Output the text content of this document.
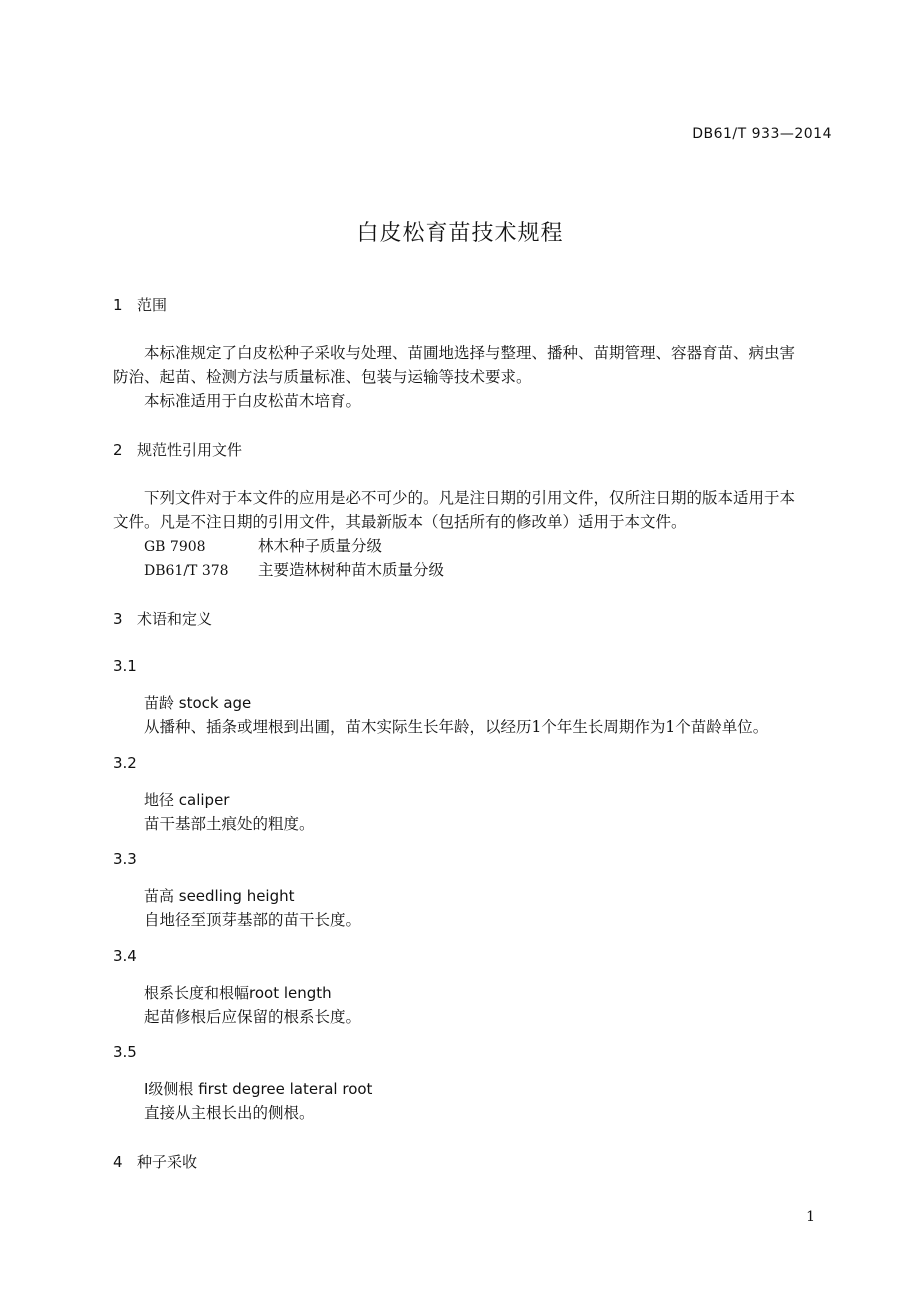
DB61/T 933—2014
白皮松育苗技术规程
1 范围
本标准规定了白皮松种子采收与处理、苗圃地选择与整理、播种、苗期管理、容器育苗、病虫害防治、起苗、检测方法与质量标准、包装与运输等技术要求。
本标准适用于白皮松苗木培育。
2 规范性引用文件
下列文件对于本文件的应用是必不可少的。凡是注日期的引用文件，仅所注日期的版本适用于本文件。凡是不注日期的引用文件，其最新版本（包括所有的修改单）适用于本文件。
GB 7908	林木种子质量分级
DB61/T 378 主要造林树种苗木质量分级
3 术语和定义
3.1
苗龄 stock age
从播种、插条或埋根到出圃，苗木实际生长年龄，以经历1个年生长周期作为1个苗龄单位。
3.2
地径 caliper
苗干基部土痕处的粗度。
3.3
苗高 seedling height
自地径至顶芽基部的苗干长度。
3.4
根系长度和根幅root length
起苗修根后应保留的根系长度。
3.5
Ⅰ级侧根 first degree lateral root
直接从主根长出的侧根。
4 种子采收
1
